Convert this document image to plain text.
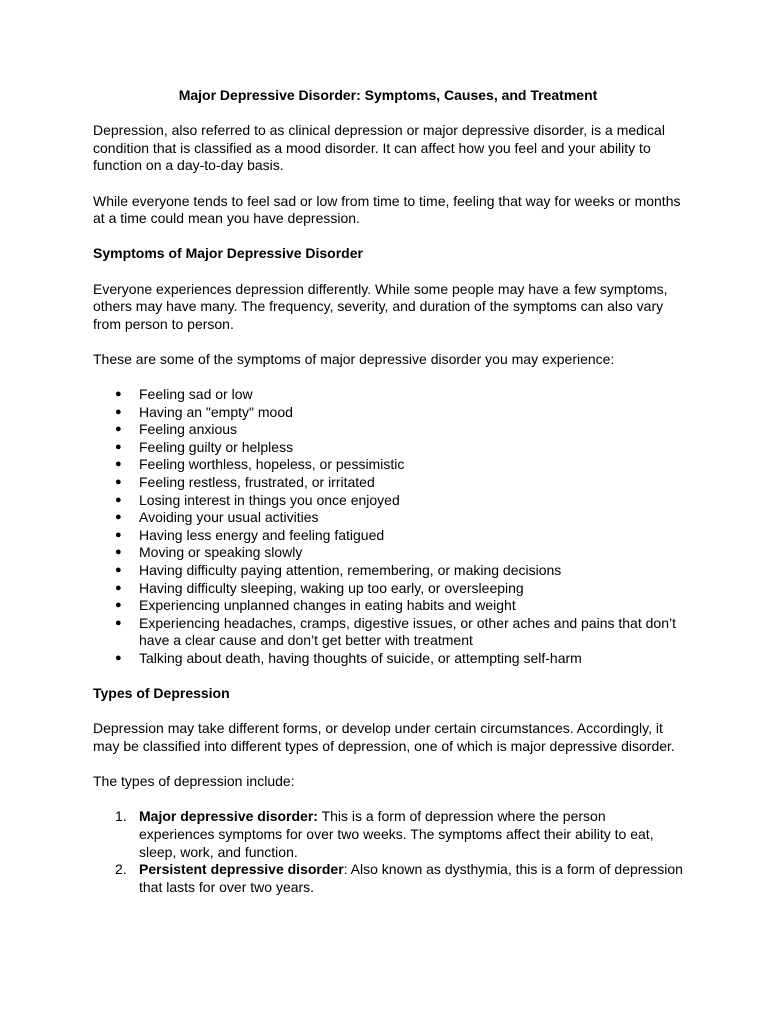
Major Depressive Disorder: Symptoms, Causes, and Treatment

Depression, also referred to as clinical depression or major depressive disorder, is a medical condition that is classified as a mood disorder. It can affect how you feel and your ability to function on a day-to-day basis.

While everyone tends to feel sad or low from time to time, feeling that way for weeks or months at a time could mean you have depression.

Symptoms of Major Depressive Disorder

Everyone experiences depression differently. While some people may have a few symptoms, others may have many. The frequency, severity, and duration of the symptoms can also vary from person to person.

These are some of the symptoms of major depressive disorder you may experience:

● Feeling sad or low
● Having an "empty" mood
● Feeling anxious
● Feeling guilty or helpless
● Feeling worthless, hopeless, or pessimistic
● Feeling restless, frustrated, or irritated
● Losing interest in things you once enjoyed
● Avoiding your usual activities
● Having less energy and feeling fatigued
● Moving or speaking slowly
● Having difficulty paying attention, remembering, or making decisions
● Having difficulty sleeping, waking up too early, or oversleeping
● Experiencing unplanned changes in eating habits and weight
● Experiencing headaches, cramps, digestive issues, or other aches and pains that don’t have a clear cause and don’t get better with treatment
● Talking about death, having thoughts of suicide, or attempting self-harm
Types of Depression

Depression may take different forms, or develop under certain circumstances. Accordingly, it may be classified into different types of depression, one of which is major depressive disorder.

The types of depression include:

1. Major depressive disorder: This is a form of depression where the person experiences symptoms for over two weeks. The symptoms affect their ability to eat, sleep, work, and function.
2. Persistent depressive disorder: Also known as dysthymia, this is a form of depression that lasts for over two years.
